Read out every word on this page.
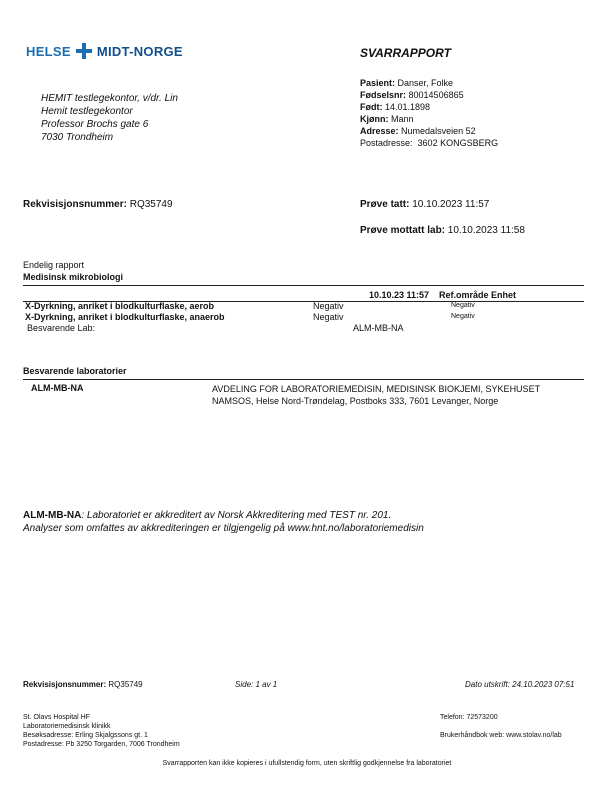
HELSE MIDT-NORGE	SVARRAPPORT
HEMIT testlegekontor, v/dr. Lin
Hemit testlegekontor
Professor Brochs gate 6
7030 Trondheim
Pasient: Danser, Folke
Fødselsnr: 80014506865
Født: 14.01.1898
Kjønn: Mann
Adresse: Numedalsveien 52
Postadresse: 3602 KONGSBERG
Rekvisisjonsnummer: RQ35749	Prøve tatt: 10.10.2023 11:57
Prøve mottatt lab: 10.10.2023 11:58
Endelig rapport
Medisinsk mikrobiologi
	10.10.23 11:57	Ref.område Enhet
X-Dyrkning, anriket i blodkulturflaske, aerob	Negativ	Negativ
X-Dyrkning, anriket i blodkulturflaske, anaerob	Negativ	Negativ
Besvarende Lab:	ALM-MB-NA	
Besvarende laboratorier
ALM-MB-NA	AVDELING FOR LABORATORIEMEDISIN, MEDISINSK BIOKJEMI, SYKEHUSET
NAMSOS, Helse Nord-Trøndelag, Postboks 333, 7601 Levanger, Norge
ALM-MB-NA: Laboratoriet er akkreditert av Norsk Akkreditering med TEST nr. 201.
Analyser som omfattes av akkrediteringen er tilgjengelig på www.hnt.no/laboratoriemedisin
Rekvisisjonsnummer: RQ35749	Side: 1 av 1	Dato utskrift: 24.10.2023 07:51
St. Olavs Hospital HF
Laboratoriemedisinsk klinikk
Besøksadresse: Erling Skjalgssons gt. 1
Postadresse: Pb 3250 Torgarden, 7006 Trondheim
Telefon: 72573200
Brukerhåndbok web: www.stolav.no/lab
Svarrapporten kan ikke kopieres i ufullstendig form, uten skriftlig godkjennelse fra laboratoriet
